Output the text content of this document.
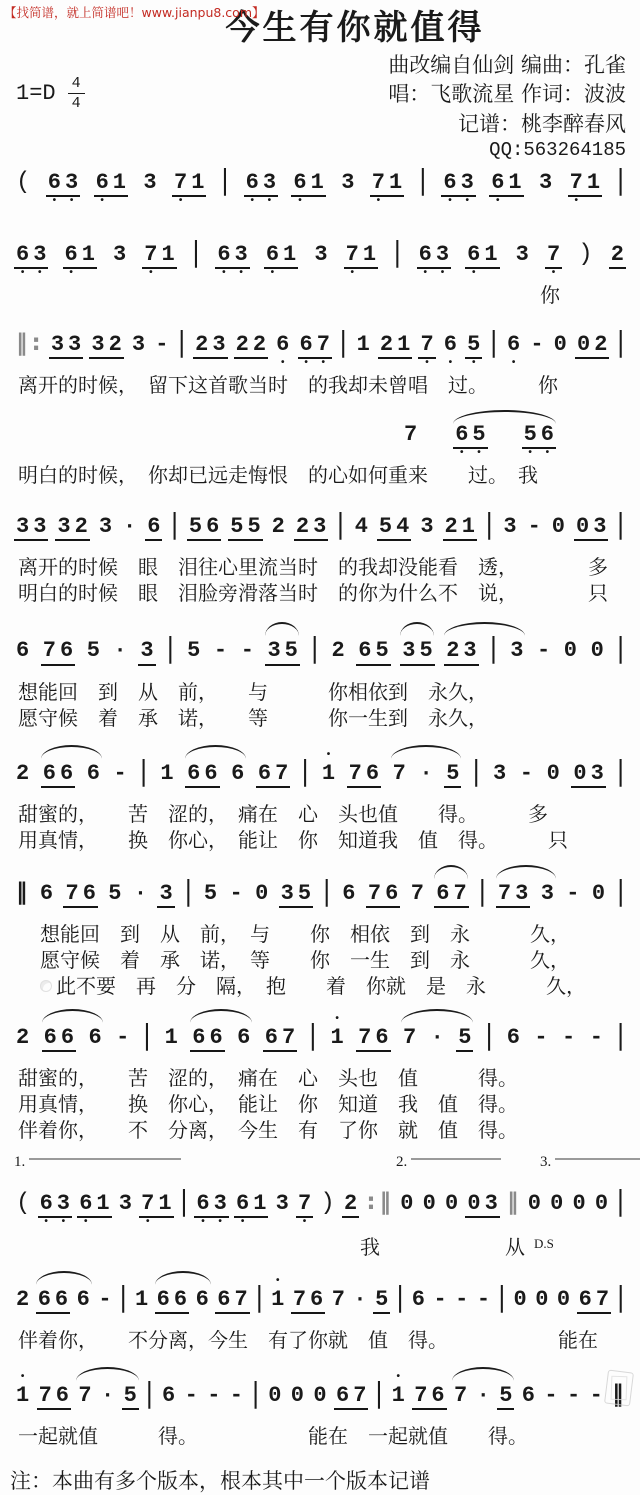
【找简谱，就上简谱吧！www.jianpu8.com】
今生有你就值得
曲改编自仙剑 编曲：孔雀
唱：飞歌流星 作词：波波
记谱：桃李醉春风
QQ:563264185
$1=D \frac{4}{4}$
( 6 • 3 • 6 • 1 3 7 • 1 | 6 • 3 • 6 • 1 3 7 • 1 | 6 • 3 • 6 • 1 3 7 • 1 |
6 • 3 • 6 • 1 3 7 • 1 | 6 • 3 • 6 • 1 3 7 • 1 | 6 • 3 • 6 • 1 3 7 • ) 2
你
‖ : 3 3 3 2 3 - | 2 3 2 2 6 • 6 • 7 • | 1 2 1 7 • 6 • 5 • | 6 • - 0 0 2 |
离开的时候，　留下这首歌当时　的我却未曾唱　过。　　　你
7 6 • 5 • 5 • 6 •
明白的时候，　你却已远走悔恨　的心如何重来　　过。　我
3 3 3 2 3 · 6 | 5 6 5 5 2 2 3 | 4 5 4 3 2 1 | 3 - 0 0 3 |
离开的时候　眼　泪往心里流当时　的我却没能看　透，　　　　多
明白的时候　眼　泪脸旁滑落当时　的你为什么不　说，　　　　只
6 7 6 5 · 3 | 5 - - 3 5 | 2 6 5 3 5 2 3 | 3 - 0 0 |
想能回　到　从　前，　　与　　　你相依到　永久，
愿守候　着　承　诺，　　等　　　你一生到　永久，
2 6 6 6 - | 1 6 6 6 6 7 | • 1 7 6 7 · 5 | 3 - 0 0 3 |
甜蜜的，　　苦　涩的，　痛在　心　头也值　　得。　　　多
用真情，　　换　你心，　能让　你　知道我　值　得。　　　只
‖ 6 7 6 5 · 3 | 5 - 0 3 5 | 6 7 6 7 6 7 | 7 3 3 - 0 |
想能回　到　从　前，　与　　你　相依　到　永　　　久，
愿守候　着　承　诺，　等　　你　一生　到　永　　　久，
此不要　再　分　隔，　抱　　着　你就　是　永　　　久，
2 6 6 6 - | 1 6 6 6 6 7 | • 1 7 6 7 · 5 | 6 - - - |
甜蜜的，　　苦　涩的，　痛在　心　头也　值　　　得。
用真情，　　换　你心，　能让　你　知道　我　值　得。
伴着你，　　不　分离，　今生　有　了你　就　值　得。
1.	2.	3.
( 6 • 3 • 6 • 1 3 7 • 1 | 6 • 3 • 6 • 1 3 7 • ) 2 : ‖ 0 0 0 0 3 ‖ 0 0 0 0 |
我	从 D.S
2 6 6 6 - | 1 6 6 6 6 7 | • 1 7 6 7 · 5 | 6 - - - | 0 0 0 6 7 |
伴着你，　　不分离，今生　有了你就　值　得。　　　　　　能在
• 1 7 6 7 · 5 | 6 - - - | 0 0 0 6 7 | • 1 7 6 7 · 5 6 - - - ‖
一起就值　　　得。　　　　　　能在　一起就值　　得。
注：本曲有多个版本，根本其中一个版本记谱
